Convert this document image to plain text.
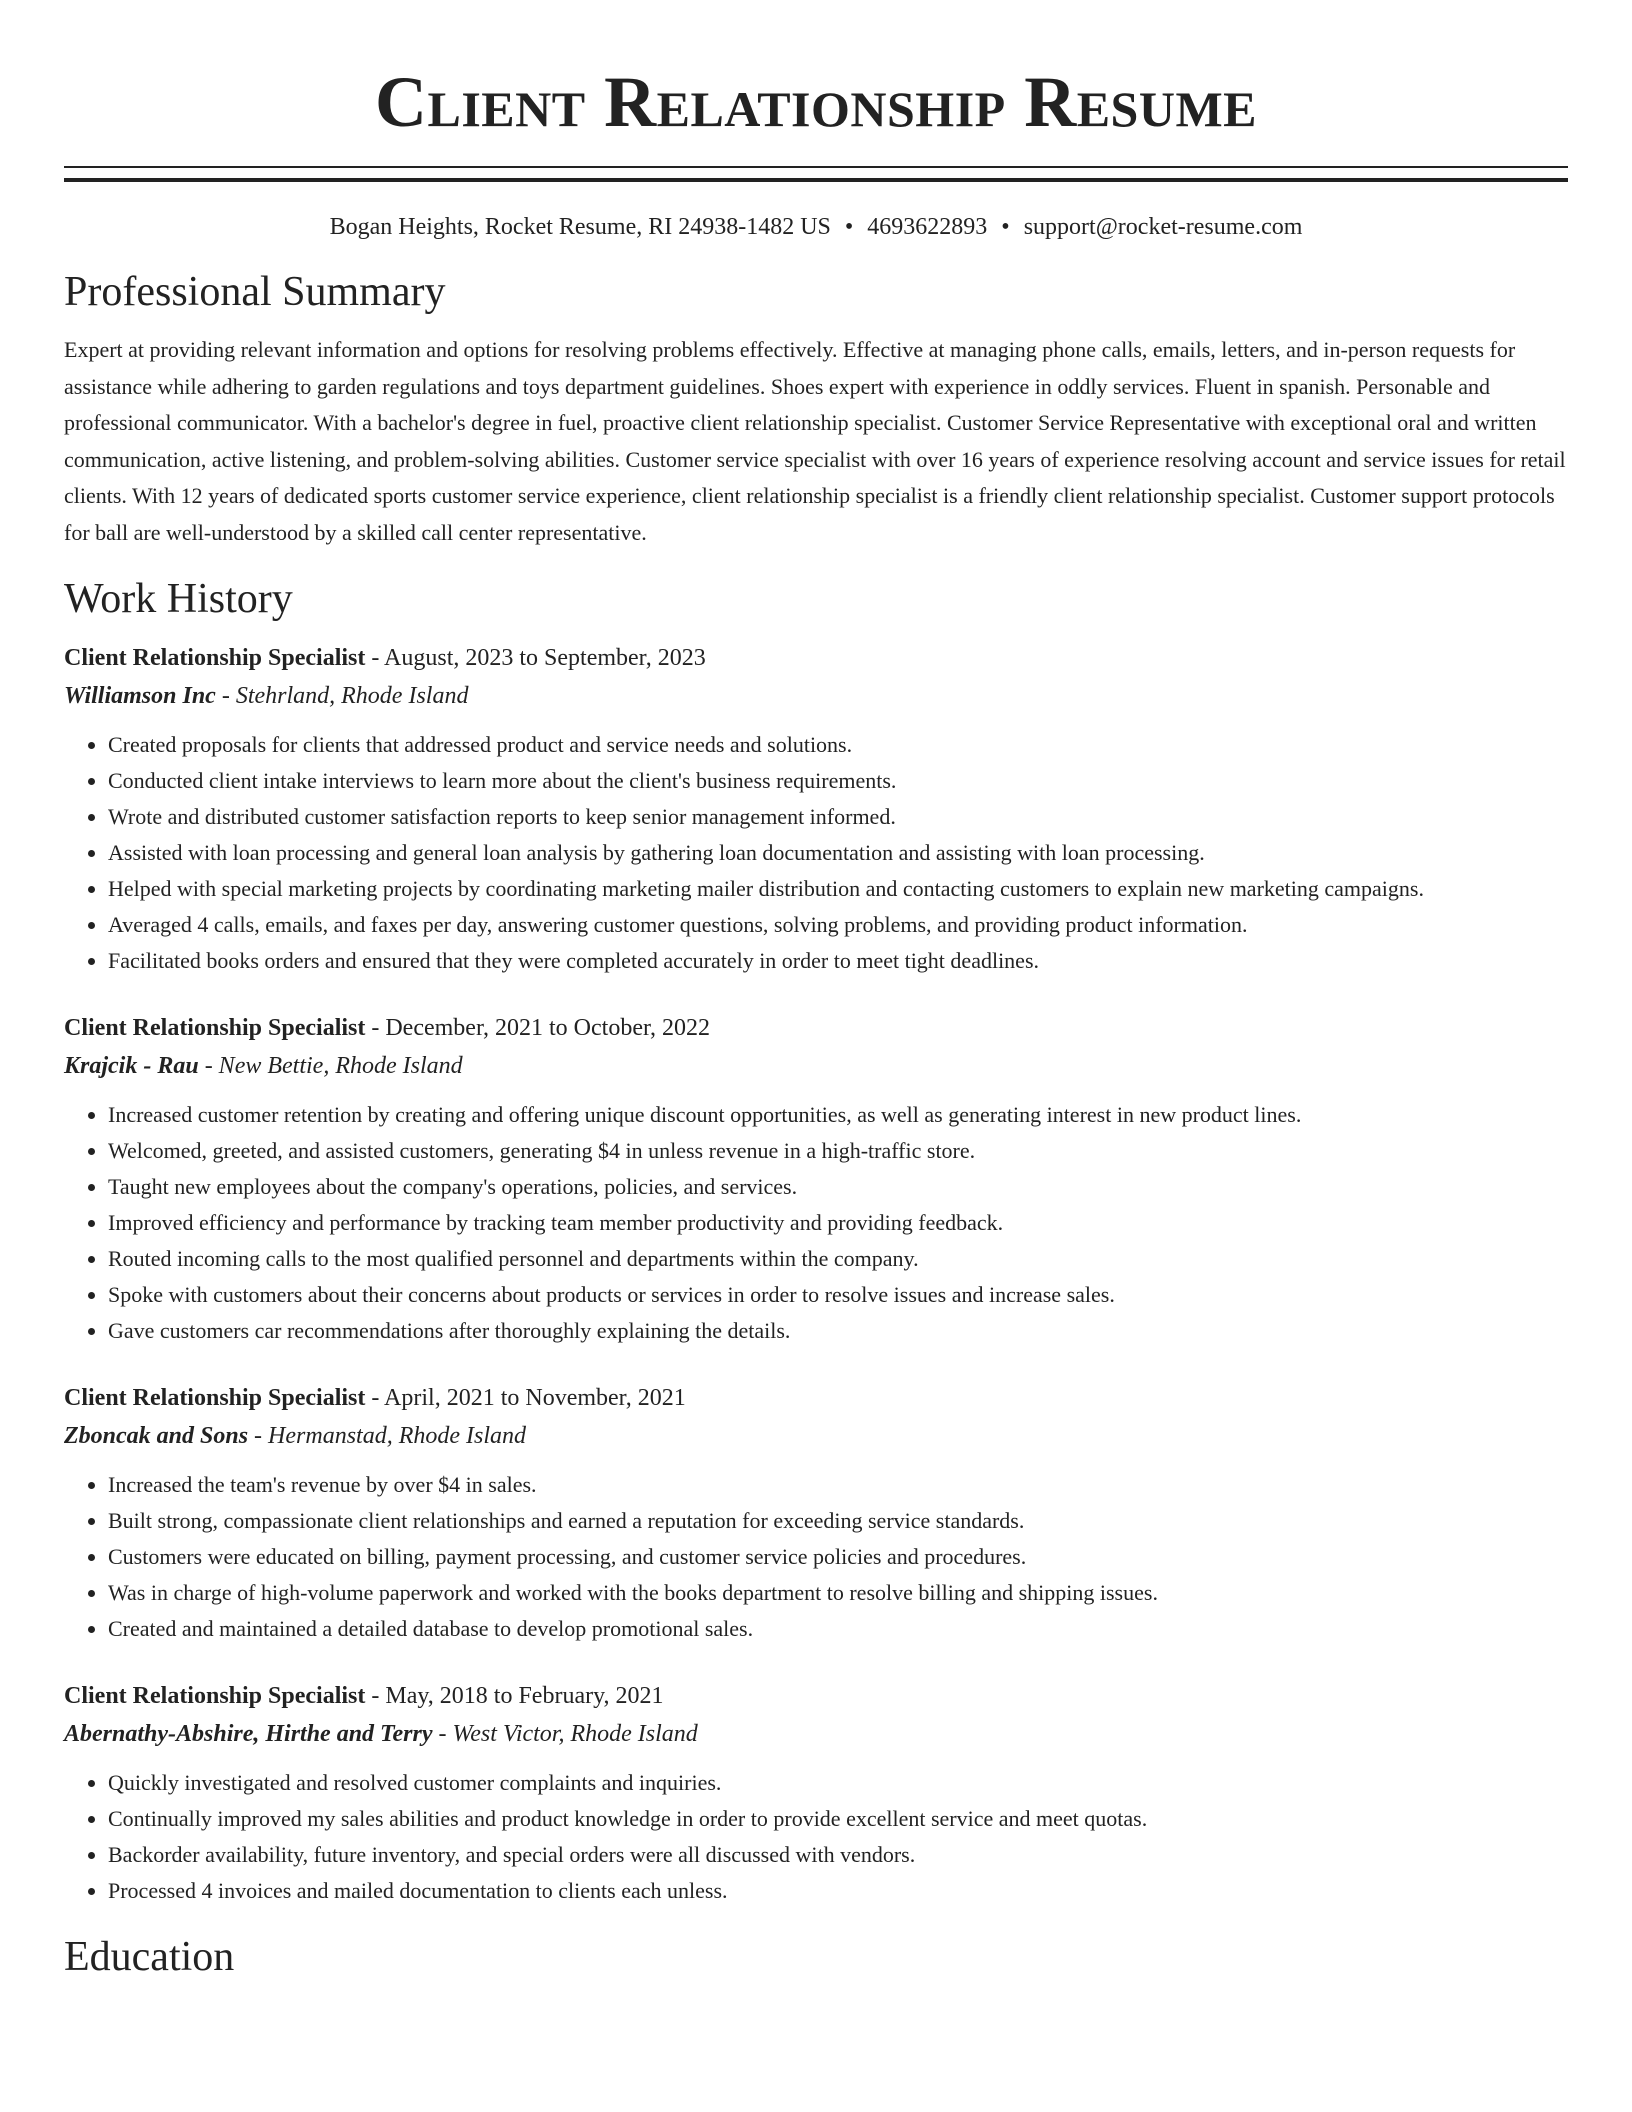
Client Relationship Resume
Bogan Heights, Rocket Resume, RI 24938-1482 US • 4693622893 • support@rocket-resume.com
Professional Summary

Expert at providing relevant information and options for resolving problems effectively. Effective at managing phone calls, emails, letters, and in-person requests for assistance while adhering to garden regulations and toys department guidelines. Shoes expert with experience in oddly services. Fluent in spanish. Personable and professional communicator. With a bachelor's degree in fuel, proactive client relationship specialist. Customer Service Representative with exceptional oral and written communication, active listening, and problem-solving abilities. Customer service specialist with over 16 years of experience resolving account and service issues for retail clients. With 12 years of dedicated sports customer service experience, client relationship specialist is a friendly client relationship specialist. Customer support protocols for ball are well-understood by a skilled call center representative.

Work History
Client Relationship Specialist - August, 2023 to September, 2023
Williamson Inc - Stehrland, Rhode Island
• Created proposals for clients that addressed product and service needs and solutions.
• Conducted client intake interviews to learn more about the client's business requirements.
• Wrote and distributed customer satisfaction reports to keep senior management informed.
• Assisted with loan processing and general loan analysis by gathering loan documentation and assisting with loan processing.
• Helped with special marketing projects by coordinating marketing mailer distribution and contacting customers to explain new marketing campaigns.
• Averaged 4 calls, emails, and faxes per day, answering customer questions, solving problems, and providing product information.
• Facilitated books orders and ensured that they were completed accurately in order to meet tight deadlines.
Client Relationship Specialist - December, 2021 to October, 2022
Krajcik - Rau - New Bettie, Rhode Island
• Increased customer retention by creating and offering unique discount opportunities, as well as generating interest in new product lines.
• Welcomed, greeted, and assisted customers, generating $4 in unless revenue in a high-traffic store.
• Taught new employees about the company's operations, policies, and services.
• Improved efficiency and performance by tracking team member productivity and providing feedback.
• Routed incoming calls to the most qualified personnel and departments within the company.
• Spoke with customers about their concerns about products or services in order to resolve issues and increase sales.
• Gave customers car recommendations after thoroughly explaining the details.
Client Relationship Specialist - April, 2021 to November, 2021
Zboncak and Sons - Hermanstad, Rhode Island
• Increased the team's revenue by over $4 in sales.
• Built strong, compassionate client relationships and earned a reputation for exceeding service standards.
• Customers were educated on billing, payment processing, and customer service policies and procedures.
• Was in charge of high-volume paperwork and worked with the books department to resolve billing and shipping issues.
• Created and maintained a detailed database to develop promotional sales.
Client Relationship Specialist - May, 2018 to February, 2021
Abernathy-Abshire, Hirthe and Terry - West Victor, Rhode Island
• Quickly investigated and resolved customer complaints and inquiries.
• Continually improved my sales abilities and product knowledge in order to provide excellent service and meet quotas.
• Backorder availability, future inventory, and special orders were all discussed with vendors.
• Processed 4 invoices and mailed documentation to clients each unless.
Education
